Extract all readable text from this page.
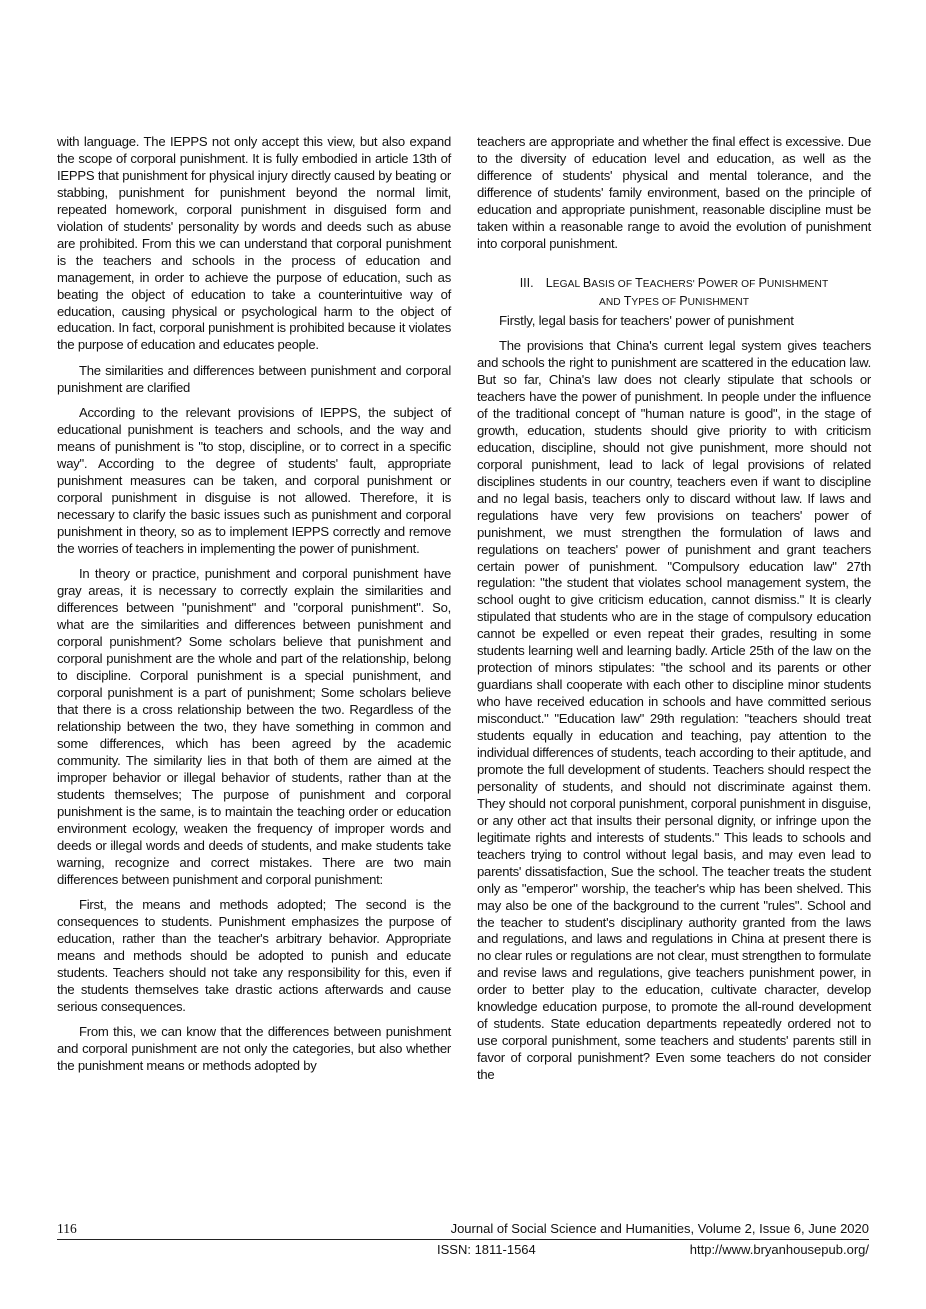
with language. The IEPPS not only accept this view, but also expand the scope of corporal punishment. It is fully embodied in article 13th of IEPPS that punishment for physical injury directly caused by beating or stabbing, punishment for punishment beyond the normal limit, repeated homework, corporal punishment in disguised form and violation of students' personality by words and deeds such as abuse are prohibited. From this we can understand that corporal punishment is the teachers and schools in the process of education and management, in order to achieve the purpose of education, such as beating the object of education to take a counterintuitive way of education, causing physical or psychological harm to the object of education. In fact, corporal punishment is prohibited because it violates the purpose of education and educates people.

The similarities and differences between punishment and corporal punishment are clarified

According to the relevant provisions of IEPPS, the subject of educational punishment is teachers and schools, and the way and means of punishment is "to stop, discipline, or to correct in a specific way". According to the degree of students' fault, appropriate punishment measures can be taken, and corporal punishment or corporal punishment in disguise is not allowed. Therefore, it is necessary to clarify the basic issues such as punishment and corporal punishment in theory, so as to implement IEPPS correctly and remove the worries of teachers in implementing the power of punishment.

In theory or practice, punishment and corporal punishment have gray areas, it is necessary to correctly explain the similarities and differences between "punishment" and "corporal punishment". So, what are the similarities and differences between punishment and corporal punishment? Some scholars believe that punishment and corporal punishment are the whole and part of the relationship, belong to discipline. Corporal punishment is a special punishment, and corporal punishment is a part of punishment; Some scholars believe that there is a cross relationship between the two. Regardless of the relationship between the two, they have something in common and some differences, which has been agreed by the academic community. The similarity lies in that both of them are aimed at the improper behavior or illegal behavior of students, rather than at the students themselves; The purpose of punishment and corporal punishment is the same, is to maintain the teaching order or education environment ecology, weaken the frequency of improper words and deeds or illegal words and deeds of students, and make students take warning, recognize and correct mistakes. There are two main differences between punishment and corporal punishment:

First, the means and methods adopted; The second is the consequences to students. Punishment emphasizes the purpose of education, rather than the teacher's arbitrary behavior. Appropriate means and methods should be adopted to punish and educate students. Teachers should not take any responsibility for this, even if the students themselves take drastic actions afterwards and cause serious consequences.

From this, we can know that the differences between punishment and corporal punishment are not only the categories, but also whether the punishment means or methods adopted by

teachers are appropriate and whether the final effect is excessive. Due to the diversity of education level and education, as well as the difference of students' physical and mental tolerance, and the difference of students' family environment, based on the principle of education and appropriate punishment, reasonable discipline must be taken within a reasonable range to avoid the evolution of punishment into corporal punishment.

III. LEGAL BASIS OF TEACHERS' POWER OF PUNISHMENT
AND TYPES OF PUNISHMENT

Firstly, legal basis for teachers' power of punishment

The provisions that China's current legal system gives teachers and schools the right to punishment are scattered in the education law. But so far, China's law does not clearly stipulate that schools or teachers have the power of punishment. In people under the influence of the traditional concept of "human nature is good", in the stage of growth, education, students should give priority to with criticism education, discipline, should not give punishment, more should not corporal punishment, lead to lack of legal provisions of related disciplines students in our country, teachers even if want to discipline and no legal basis, teachers only to discard without law. If laws and regulations have very few provisions on teachers' power of punishment, we must strengthen the formulation of laws and regulations on teachers' power of punishment and grant teachers certain power of punishment. "Compulsory education law" 27th regulation: "the student that violates school management system, the school ought to give criticism education, cannot dismiss." It is clearly stipulated that students who are in the stage of compulsory education cannot be expelled or even repeat their grades, resulting in some students learning well and learning badly. Article 25th of the law on the protection of minors stipulates: "the school and its parents or other guardians shall cooperate with each other to discipline minor students who have received education in schools and have committed serious misconduct." "Education law" 29th regulation: "teachers should treat students equally in education and teaching, pay attention to the individual differences of students, teach according to their aptitude, and promote the full development of students. Teachers should respect the personality of students, and should not discriminate against them. They should not corporal punishment, corporal punishment in disguise, or any other act that insults their personal dignity, or infringe upon the legitimate rights and interests of students." This leads to schools and teachers trying to control without legal basis, and may even lead to parents' dissatisfaction, Sue the school. The teacher treats the student only as "emperor" worship, the teacher's whip has been shelved. This may also be one of the background to the current "rules". School and the teacher to student's disciplinary authority granted from the laws and regulations, and laws and regulations in China at present there is no clear rules or regulations are not clear, must strengthen to formulate and revise laws and regulations, give teachers punishment power, in order to better play to the education, cultivate character, develop knowledge education purpose, to promote the all-round development of students. State education departments repeatedly ordered not to use corporal punishment, some teachers and students' parents still in favor of corporal punishment? Even some teachers do not consider the

116	Journal of Social Science and Humanities, Volume 2, Issue 6, June 2020
ISSN: 1811-1564	http://www.bryanhousepub.org/
